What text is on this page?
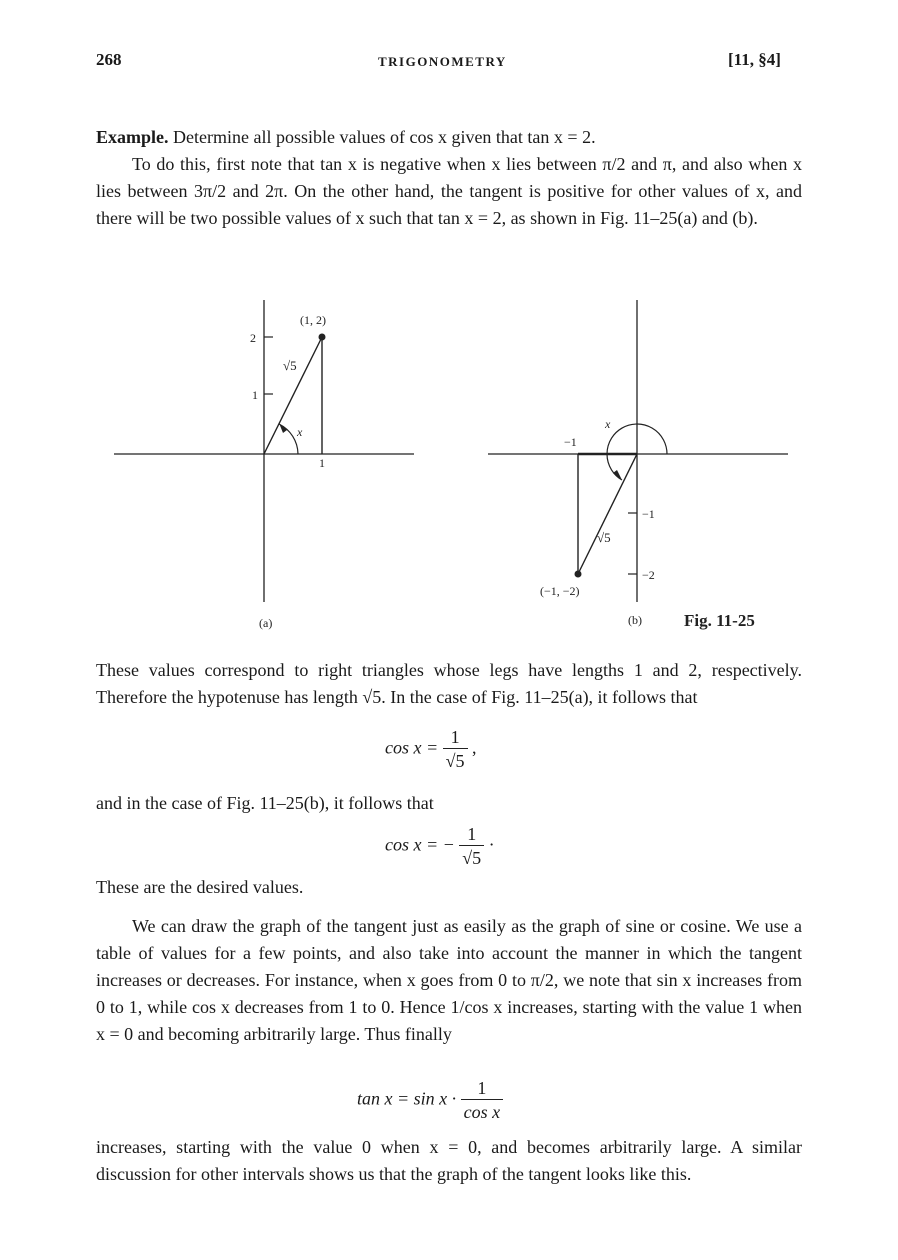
268	TRIGONOMETRY	[11, §4]

Example. Determine all possible values of cos x given that tan x = 2.

To do this, first note that tan x is negative when x lies between π/2 and π, and also when x lies between 3π/2 and 2π. On the other hand, the tangent is positive for other values of x, and there will be two possible values of x such that tan x = 2, as shown in Fig. 11–25(a) and (b).

(1, 2)
2
1
1
√5
x
(a)
x
−1
−1
−2
√5
(−1, −2)
(b) Fig. 11-25
These values correspond to right triangles whose legs have lengths 1 and 2, respectively. Therefore the hypotenuse has length √5. In the case of Fig. 11–25(a), it follows that
$\cos x = \frac{1}{√5}$ ,
and in the case of Fig. 11–25(b), it follows that
cos x = − $\frac{1}{√5}$ ·
These are the desired values.
We can draw the graph of the tangent just as easily as the graph of sine or cosine. We use a table of values for a few points, and also take into account the manner in which the tangent increases or decreases. For instance, when x goes from 0 to π/2, we note that sin x increases from 0 to 1, while cos x decreases from 1 to 0. Hence 1/cos x increases, starting with the value 1 when x = 0 and becoming arbitrarily large. Thus finally
$\tan x = \sin x \cdot \frac{1}{\text{cos x}}$
increases, starting with the value 0 when x = 0, and becomes arbitrarily large. A similar discussion for other intervals shows us that the graph of the tangent looks like this.
